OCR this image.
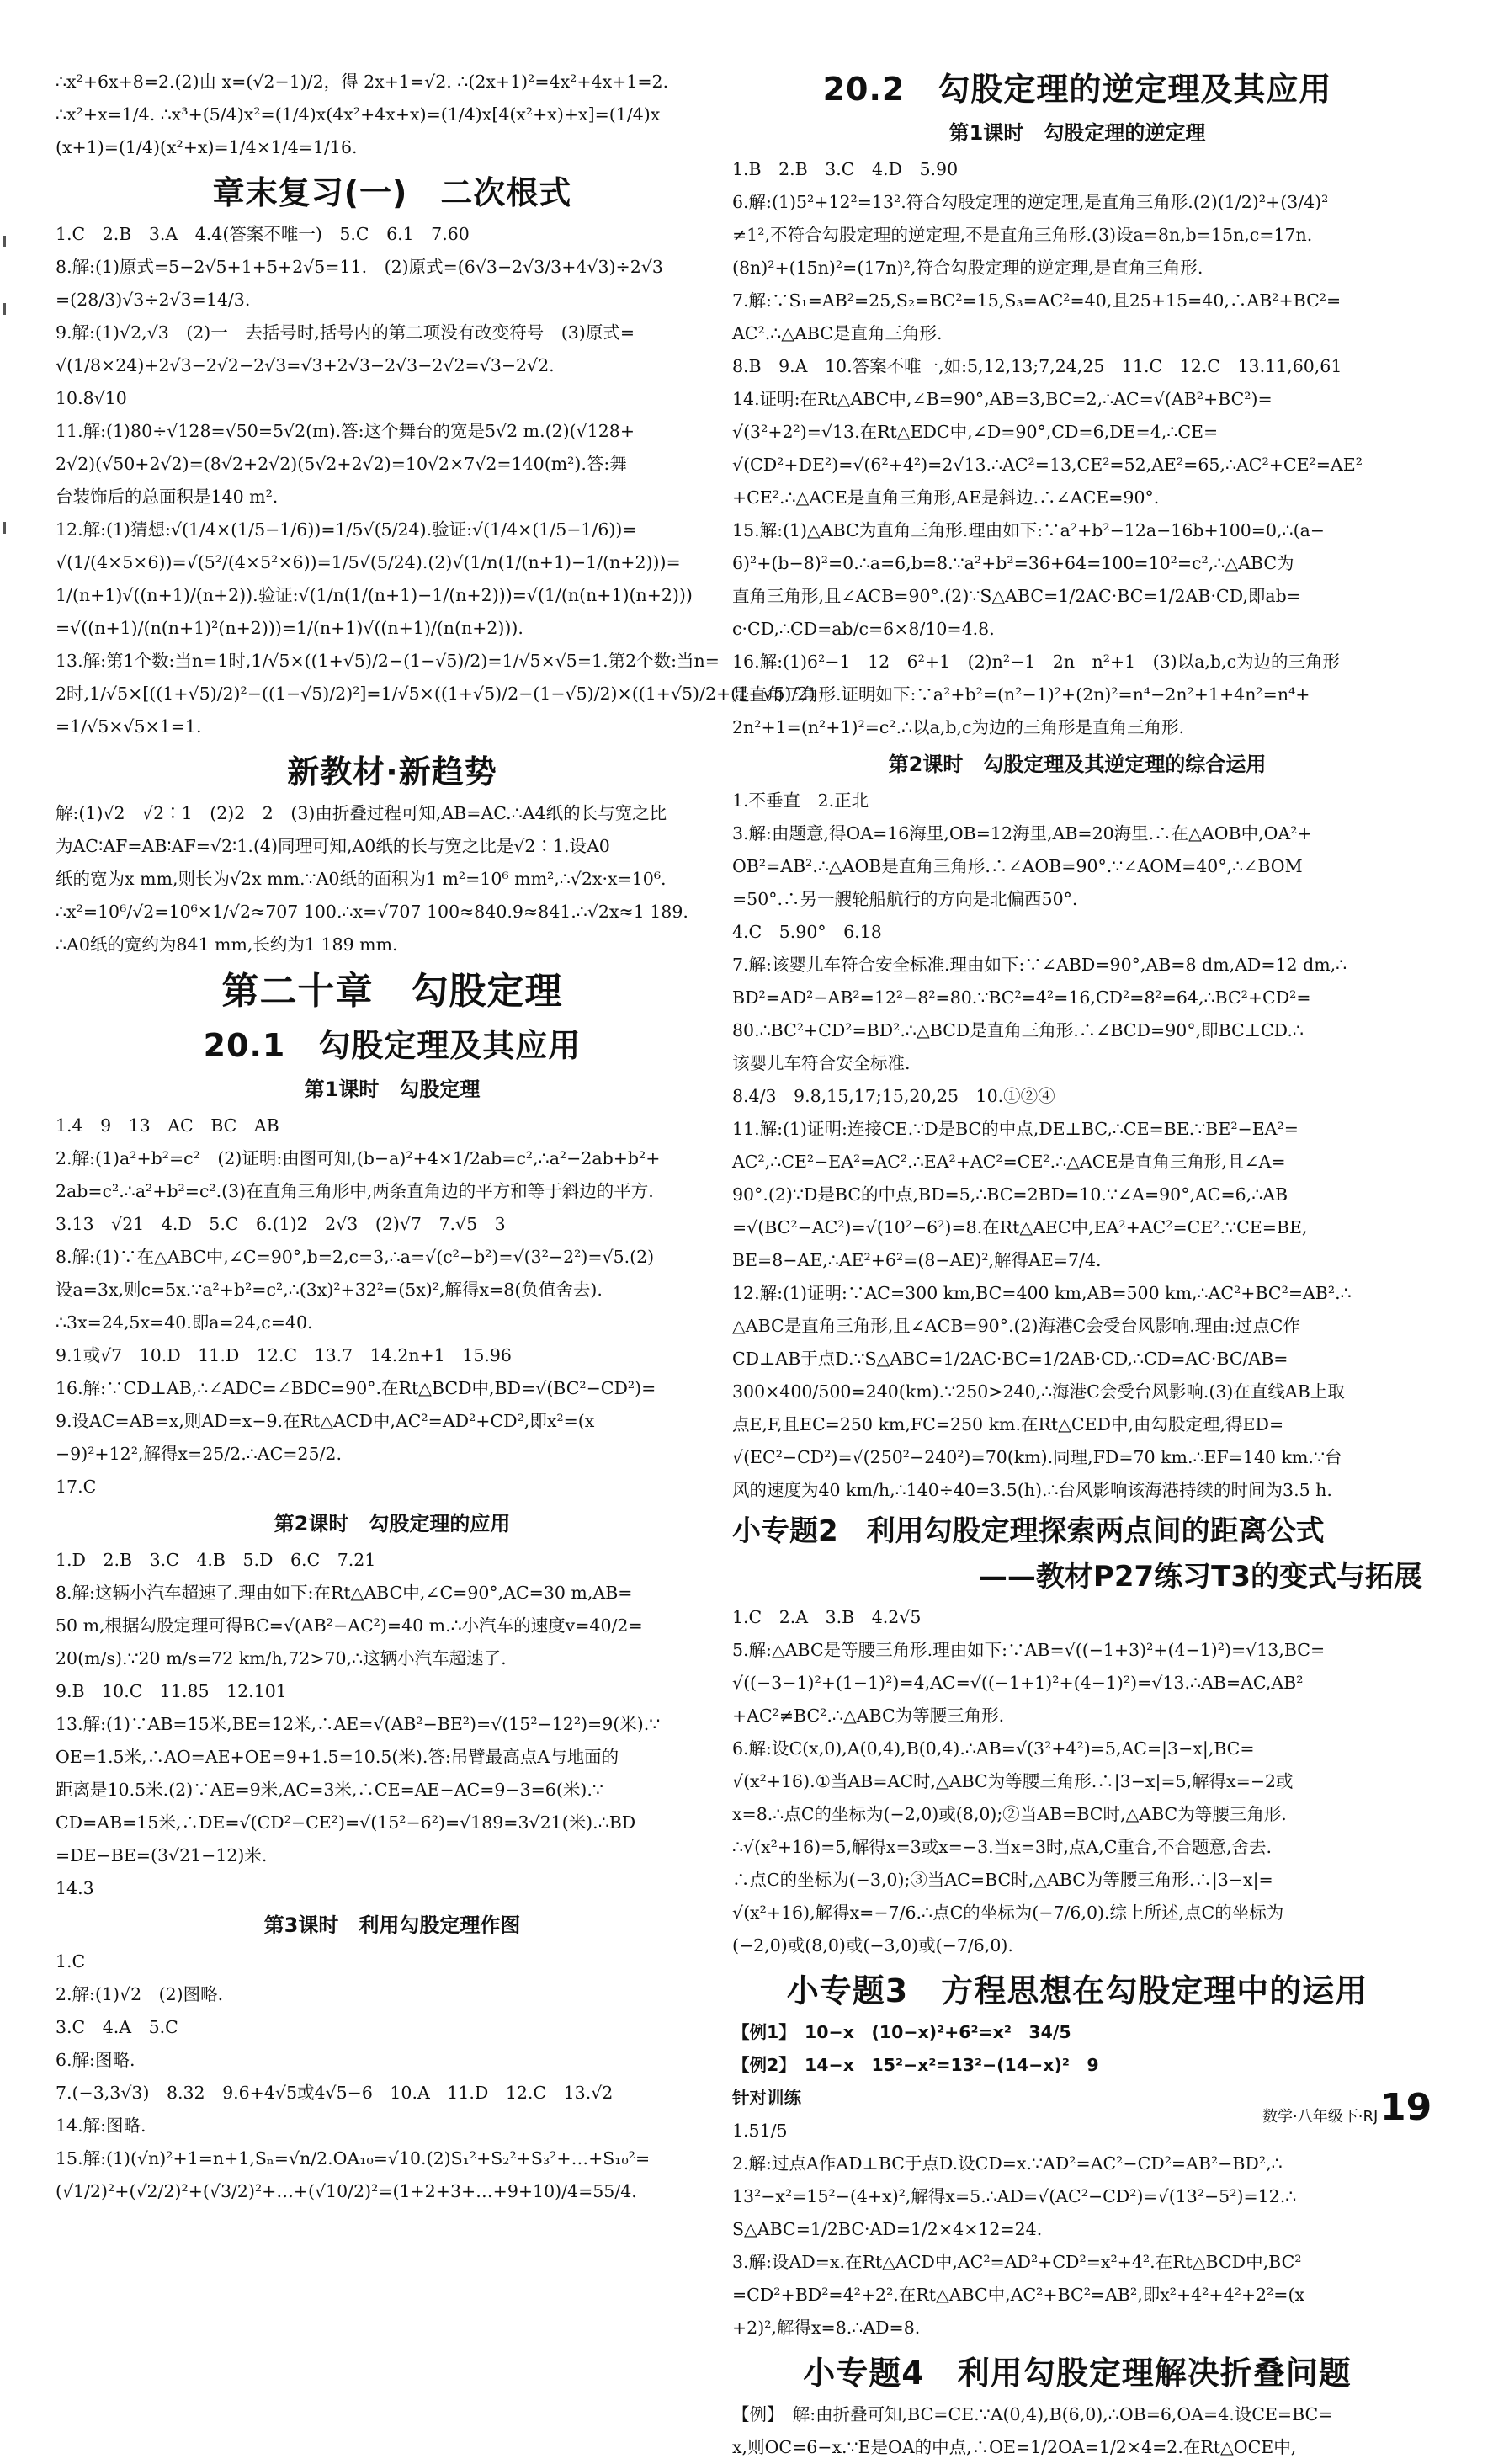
∴x²+6x+8=2.(2)由 x=(√2−1)/2，得 2x+1=√2. ∴(2x+1)²=4x²+4x+1=2.

∴x²+x=1/4. ∴x³+(5/4)x²=(1/4)x(4x²+4x+x)=(1/4)x[4(x²+x)+x]=(1/4)x

(x+1)=(1/4)(x²+x)=1/4×1/4=1/16.

章末复习(一)　二次根式

1.C　2.B　3.A　4.4(答案不唯一)　5.C　6.1　7.60

8.解:(1)原式=5−2√5+1+5+2√5=11.　(2)原式=(6√3−2√3/3+4√3)÷2√3

=(28/3)√3÷2√3=14/3.

9.解:(1)√2,√3　(2)一　去括号时,括号内的第二项没有改变符号　(3)原式=

√(1/8×24)+2√3−2√2−2√3=√3+2√3−2√3−2√2=√3−2√2.

10.8√10

11.解:(1)80÷√128=√50=5√2(m).答:这个舞台的宽是5√2 m.(2)(√128+

2√2)(√50+2√2)=(8√2+2√2)(5√2+2√2)=10√2×7√2=140(m²).答:舞

台装饰后的总面积是140 m².

12.解:(1)猜想:√(1/4×(1/5−1/6))=1/5√(5/24).验证:√(1/4×(1/5−1/6))=

√(1/(4×5×6))=√(5²/(4×5²×6))=1/5√(5/24).(2)√(1/n(1/(n+1)−1/(n+2)))=

1/(n+1)√((n+1)/(n+2)).验证:√(1/n(1/(n+1)−1/(n+2)))=√(1/(n(n+1)(n+2)))

=√((n+1)/(n(n+1)²(n+2)))=1/(n+1)√((n+1)/(n(n+2))).

13.解:第1个数:当n=1时,1/√5×((1+√5)/2−(1−√5)/2)=1/√5×√5=1.第2个数:当n=

2时,1/√5×[((1+√5)/2)²−((1−√5)/2)²]=1/√5×((1+√5)/2−(1−√5)/2)×((1+√5)/2+(1−√5)/2)

=1/√5×√5×1=1.

新教材·新趋势

解:(1)√2　√2∶1　(2)2　2　(3)由折叠过程可知,AB=AC.∴A4纸的长与宽之比

为AC∶AF=AB∶AF=√2∶1.(4)同理可知,A0纸的长与宽之比是√2∶1.设A0

纸的宽为x mm,则长为√2x mm.∵A0纸的面积为1 m²=10⁶ mm²,∴√2x·x=10⁶.

∴x²=10⁶/√2=10⁶×1/√2≈707 100.∴x=√707 100≈840.9≈841.∴√2x≈1 189.

∴A0纸的宽约为841 mm,长约为1 189 mm.

第二十章　勾股定理
20.1　勾股定理及其应用
第1课时　勾股定理

1.4　9　13　AC　BC　AB

2.解:(1)a²+b²=c²　(2)证明:由图可知,(b−a)²+4×1/2ab=c²,∴a²−2ab+b²+

2ab=c².∴a²+b²=c².(3)在直角三角形中,两条直角边的平方和等于斜边的平方.

3.13　√21　4.D　5.C　6.(1)2　2√3　(2)√7　7.√5　3

8.解:(1)∵在△ABC中,∠C=90°,b=2,c=3,∴a=√(c²−b²)=√(3²−2²)=√5.(2)

设a=3x,则c=5x.∵a²+b²=c²,∴(3x)²+32²=(5x)²,解得x=8(负值舍去).

∴3x=24,5x=40.即a=24,c=40.

9.1或√7　10.D　11.D　12.C　13.7　14.2n+1　15.96

16.解:∵CD⊥AB,∴∠ADC=∠BDC=90°.在Rt△BCD中,BD=√(BC²−CD²)=

9.设AC=AB=x,则AD=x−9.在Rt△ACD中,AC²=AD²+CD²,即x²=(x

−9)²+12²,解得x=25/2.∴AC=25/2.

17.C

第2课时　勾股定理的应用

1.D　2.B　3.C　4.B　5.D　6.C　7.21

8.解:这辆小汽车超速了.理由如下:在Rt△ABC中,∠C=90°,AC=30 m,AB=

50 m,根据勾股定理可得BC=√(AB²−AC²)=40 m.∴小汽车的速度v=40/2=

20(m/s).∵20 m/s=72 km/h,72>70,∴这辆小汽车超速了.

9.B　10.C　11.85　12.101

13.解:(1)∵AB=15米,BE=12米,∴AE=√(AB²−BE²)=√(15²−12²)=9(米).∵

OE=1.5米,∴AO=AE+OE=9+1.5=10.5(米).答:吊臂最高点A与地面的

距离是10.5米.(2)∵AE=9米,AC=3米,∴CE=AE−AC=9−3=6(米).∵

CD=AB=15米,∴DE=√(CD²−CE²)=√(15²−6²)=√189=3√21(米).∴BD

=DE−BE=(3√21−12)米.

14.3

第3课时　利用勾股定理作图

1.C

2.解:(1)√2　(2)图略.

3.C　4.A　5.C

6.解:图略.

7.(−3,3√3)　8.32　9.6+4√5或4√5−6　10.A　11.D　12.C　13.√2

14.解:图略.

15.解:(1)(√n)²+1=n+1,Sₙ=√n/2.OA₁₀=√10.(2)S₁²+S₂²+S₃²+…+S₁₀²=

(√1/2)²+(√2/2)²+(√3/2)²+…+(√10/2)²=(1+2+3+…+9+10)/4=55/4.

20.2　勾股定理的逆定理及其应用
第1课时　勾股定理的逆定理

1.B　2.B　3.C　4.D　5.90

6.解:(1)5²+12²=13².符合勾股定理的逆定理,是直角三角形.(2)(1/2)²+(3/4)²

≠1²,不符合勾股定理的逆定理,不是直角三角形.(3)设a=8n,b=15n,c=17n.

(8n)²+(15n)²=(17n)²,符合勾股定理的逆定理,是直角三角形.

7.解:∵S₁=AB²=25,S₂=BC²=15,S₃=AC²=40,且25+15=40,∴AB²+BC²=

AC².∴△ABC是直角三角形.

8.B　9.A　10.答案不唯一,如:5,12,13;7,24,25　11.C　12.C　13.11,60,61

14.证明:在Rt△ABC中,∠B=90°,AB=3,BC=2,∴AC=√(AB²+BC²)=

√(3²+2²)=√13.在Rt△EDC中,∠D=90°,CD=6,DE=4,∴CE=

√(CD²+DE²)=√(6²+4²)=2√13.∴AC²=13,CE²=52,AE²=65,∴AC²+CE²=AE²

+CE².∴△ACE是直角三角形,AE是斜边.∴∠ACE=90°.

15.解:(1)△ABC为直角三角形.理由如下:∵a²+b²−12a−16b+100=0,∴(a−

6)²+(b−8)²=0.∴a=6,b=8.∵a²+b²=36+64=100=10²=c²,∴△ABC为

直角三角形,且∠ACB=90°.(2)∵S△ABC=1/2AC·BC=1/2AB·CD,即ab=

c·CD,∴CD=ab/c=6×8/10=4.8.

16.解:(1)6²−1　12　6²+1　(2)n²−1　2n　n²+1　(3)以a,b,c为边的三角形

是直角三角形.证明如下:∵a²+b²=(n²−1)²+(2n)²=n⁴−2n²+1+4n²=n⁴+

2n²+1=(n²+1)²=c².∴以a,b,c为边的三角形是直角三角形.

第2课时　勾股定理及其逆定理的综合运用

1.不垂直　2.正北

3.解:由题意,得OA=16海里,OB=12海里,AB=20海里.∴在△AOB中,OA²+

OB²=AB².∴△AOB是直角三角形.∴∠AOB=90°.∵∠AOM=40°,∴∠BOM

=50°.∴另一艘轮船航行的方向是北偏西50°.

4.C　5.90°　6.18

7.解:该婴儿车符合安全标准.理由如下:∵∠ABD=90°,AB=8 dm,AD=12 dm,∴

BD²=AD²−AB²=12²−8²=80.∵BC²=4²=16,CD²=8²=64,∴BC²+CD²=

80.∴BC²+CD²=BD².∴△BCD是直角三角形.∴∠BCD=90°,即BC⊥CD.∴

该婴儿车符合安全标准.

8.4/3　9.8,15,17;15,20,25　10.①②④

11.解:(1)证明:连接CE.∵D是BC的中点,DE⊥BC,∴CE=BE.∵BE²−EA²=

AC²,∴CE²−EA²=AC².∴EA²+AC²=CE².∴△ACE是直角三角形,且∠A=

90°.(2)∵D是BC的中点,BD=5,∴BC=2BD=10.∵∠A=90°,AC=6,∴AB

=√(BC²−AC²)=√(10²−6²)=8.在Rt△AEC中,EA²+AC²=CE².∵CE=BE,

BE=8−AE,∴AE²+6²=(8−AE)²,解得AE=7/4.

12.解:(1)证明:∵AC=300 km,BC=400 km,AB=500 km,∴AC²+BC²=AB².∴

△ABC是直角三角形,且∠ACB=90°.(2)海港C会受台风影响.理由:过点C作

CD⊥AB于点D.∵S△ABC=1/2AC·BC=1/2AB·CD,∴CD=AC·BC/AB=

300×400/500=240(km).∵250>240,∴海港C会受台风影响.(3)在直线AB上取

点E,F,且EC=250 km,FC=250 km.在Rt△CED中,由勾股定理,得ED=

√(EC²−CD²)=√(250²−240²)=70(km).同理,FD=70 km.∴EF=140 km.∵台

风的速度为40 km/h,∴140÷40=3.5(h).∴台风影响该海港持续的时间为3.5 h.

小专题2　利用勾股定理探索两点间的距离公式
——教材P27练习T3的变式与拓展

1.C　2.A　3.B　4.2√5

5.解:△ABC是等腰三角形.理由如下:∵AB=√((−1+3)²+(4−1)²)=√13,BC=

√((−3−1)²+(1−1)²)=4,AC=√((−1+1)²+(4−1)²)=√13.∴AB=AC,AB²

+AC²≠BC².∴△ABC为等腰三角形.

6.解:设C(x,0),A(0,4),B(0,4).∴AB=√(3²+4²)=5,AC=|3−x|,BC=

√(x²+16).①当AB=AC时,△ABC为等腰三角形.∴|3−x|=5,解得x=−2或

x=8.∴点C的坐标为(−2,0)或(8,0);②当AB=BC时,△ABC为等腰三角形.

∴√(x²+16)=5,解得x=3或x=−3.当x=3时,点A,C重合,不合题意,舍去.

∴点C的坐标为(−3,0);③当AC=BC时,△ABC为等腰三角形.∴|3−x|=

√(x²+16),解得x=−7/6.∴点C的坐标为(−7/6,0).综上所述,点C的坐标为

(−2,0)或(8,0)或(−3,0)或(−7/6,0).

小专题3　方程思想在勾股定理中的运用

【例1】　10−x　(10−x)²+6²=x²　34/5

【例2】　14−x　15²−x²=13²−(14−x)²　9

针对训练

1.51/5

2.解:过点A作AD⊥BC于点D.设CD=x.∵AD²=AC²−CD²=AB²−BD²,∴

13²−x²=15²−(4+x)²,解得x=5.∴AD=√(AC²−CD²)=√(13²−5²)=12.∴

S△ABC=1/2BC·AD=1/2×4×12=24.

3.解:设AD=x.在Rt△ACD中,AC²=AD²+CD²=x²+4².在Rt△BCD中,BC²

=CD²+BD²=4²+2².在Rt△ABC中,AC²+BC²=AB²,即x²+4²+4²+2²=(x

+2)²,解得x=8.∴AD=8.

小专题4　利用勾股定理解决折叠问题

【例】　解:由折叠可知,BC=CE.∵A(0,4),B(6,0),∴OB=6,OA=4.设CE=BC=

x,则OC=6−x.∵E是OA的中点,∴OE=1/2OA=1/2×4=2.在Rt△OCE中,

数学·八年级下·RJ 19
